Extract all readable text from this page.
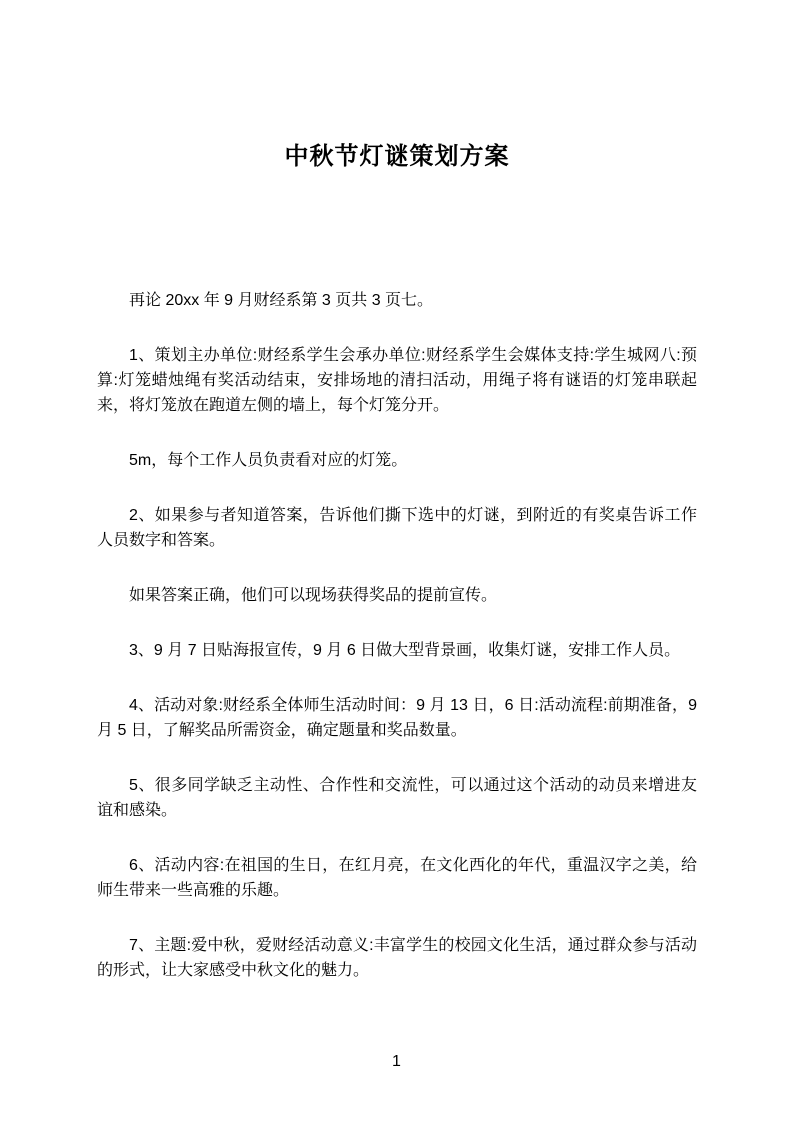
中秋节灯谜策划方案

再论 20xx 年 9 月财经系第 3 页共 3 页七。

1、策划主办单位:财经系学生会承办单位:财经系学生会媒体支持:学生城网八:预算:灯笼蜡烛绳有奖活动结束，安排场地的清扫活动，用绳子将有谜语的灯笼串联起来，将灯笼放在跑道左侧的墙上，每个灯笼分开。

5m，每个工作人员负责看对应的灯笼。

2、如果参与者知道答案，告诉他们撕下选中的灯谜，到附近的有奖桌告诉工作人员数字和答案。

如果答案正确，他们可以现场获得奖品的提前宣传。

3、9 月 7 日贴海报宣传，9 月 6 日做大型背景画，收集灯谜，安排工作人员。

4、活动对象:财经系全体师生活动时间：9 月 13 日，6 日:活动流程:前期准备，9 月 5 日，了解奖品所需资金，确定题量和奖品数量。

5、很多同学缺乏主动性、合作性和交流性，可以通过这个活动的动员来增进友谊和感染。

6、活动内容:在祖国的生日，在红月亮，在文化西化的年代，重温汉字之美，给师生带来一些高雅的乐趣。

7、主题:爱中秋，爱财经活动意义:丰富学生的校园文化生活，通过群众参与活动的形式，让大家感受中秋文化的魅力。

1
